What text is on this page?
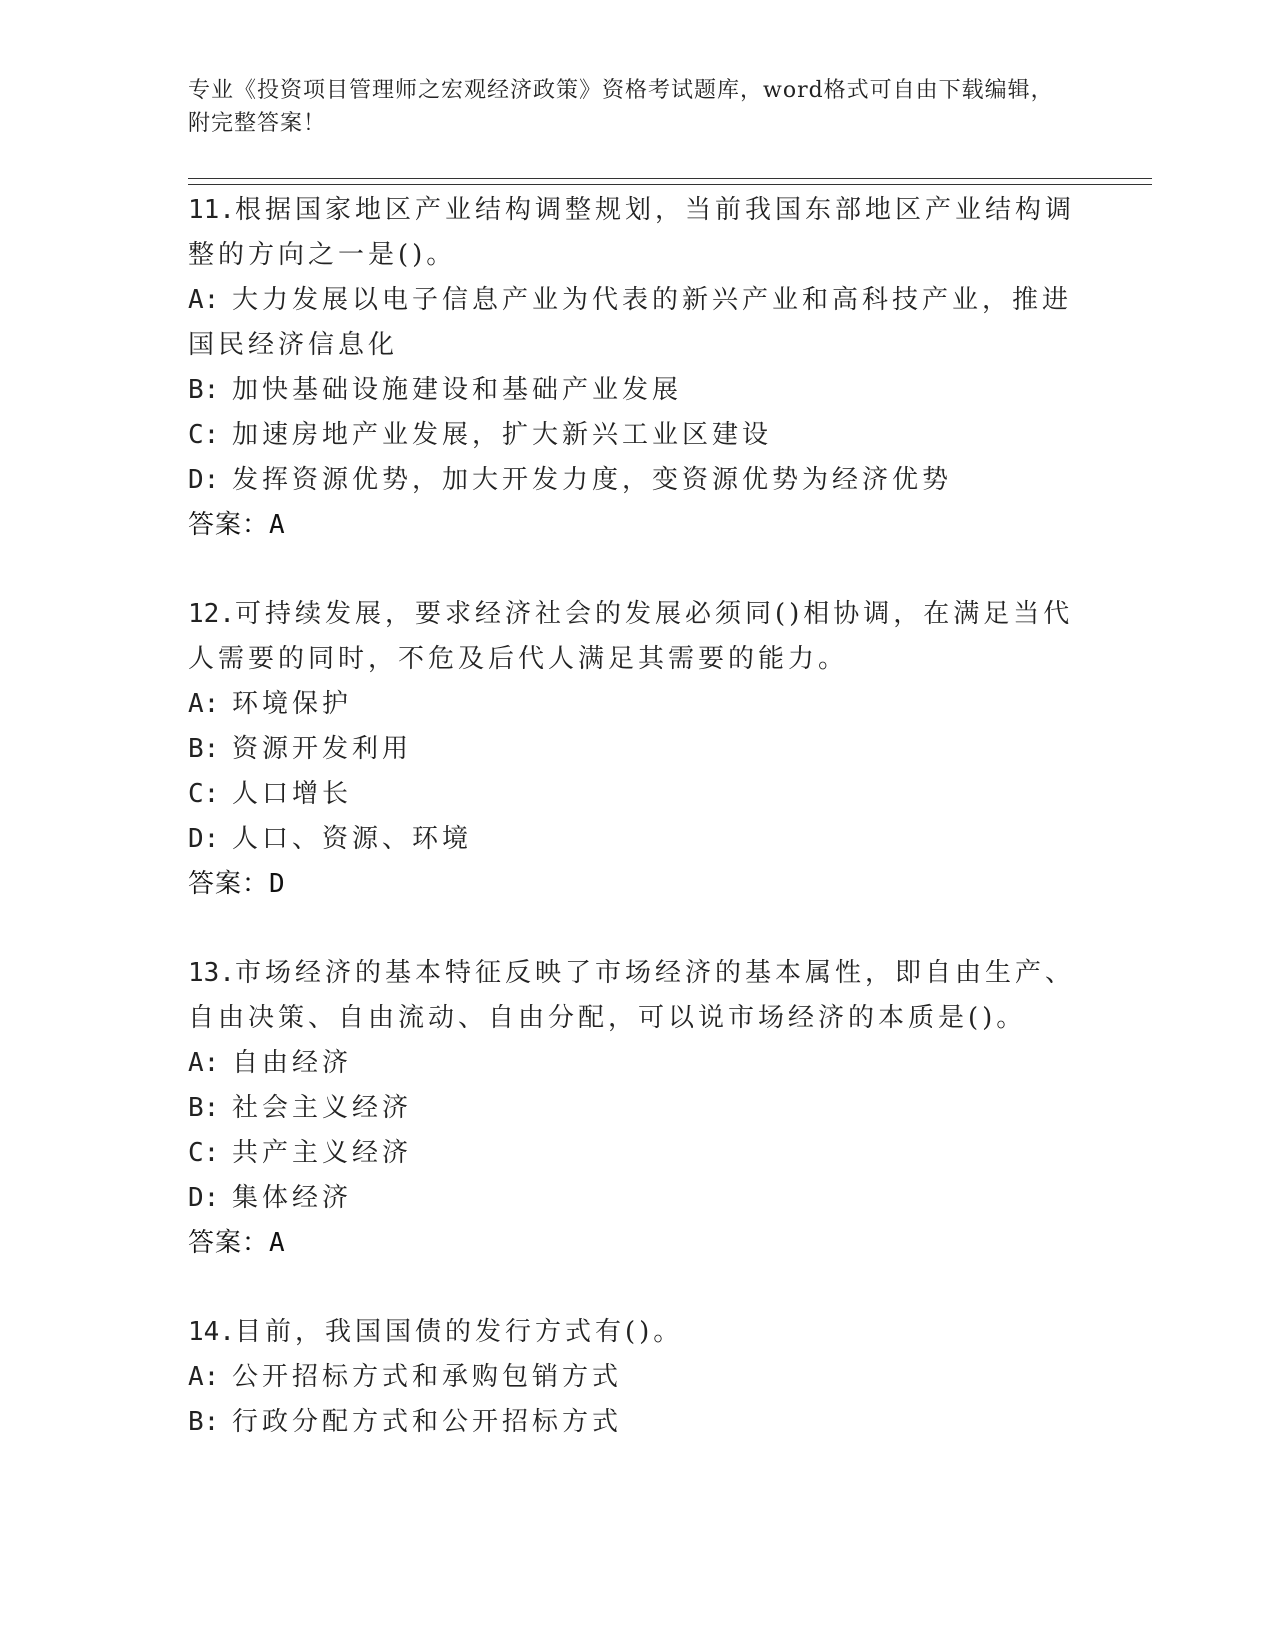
专业《投资项目管理师之宏观经济政策》资格考试题库，word格式可自由下载编辑，附完整答案！
11.根据国家地区产业结构调整规划，当前我国东部地区产业结构调整的方向之一是()。
A: 大力发展以电子信息产业为代表的新兴产业和高科技产业，推进国民经济信息化
B: 加快基础设施建设和基础产业发展
C: 加速房地产业发展，扩大新兴工业区建设
D: 发挥资源优势，加大开发力度，变资源优势为经济优势
答案：A
12.可持续发展，要求经济社会的发展必须同()相协调，在满足当代人需要的同时，不危及后代人满足其需要的能力。
A: 环境保护
B: 资源开发利用
C: 人口增长
D: 人口、资源、环境
答案：D
13.市场经济的基本特征反映了市场经济的基本属性，即自由生产、自由决策、自由流动、自由分配，可以说市场经济的本质是()。
A: 自由经济
B: 社会主义经济
C: 共产主义经济
D: 集体经济
答案：A
14.目前，我国国债的发行方式有()。
A: 公开招标方式和承购包销方式
B: 行政分配方式和公开招标方式
